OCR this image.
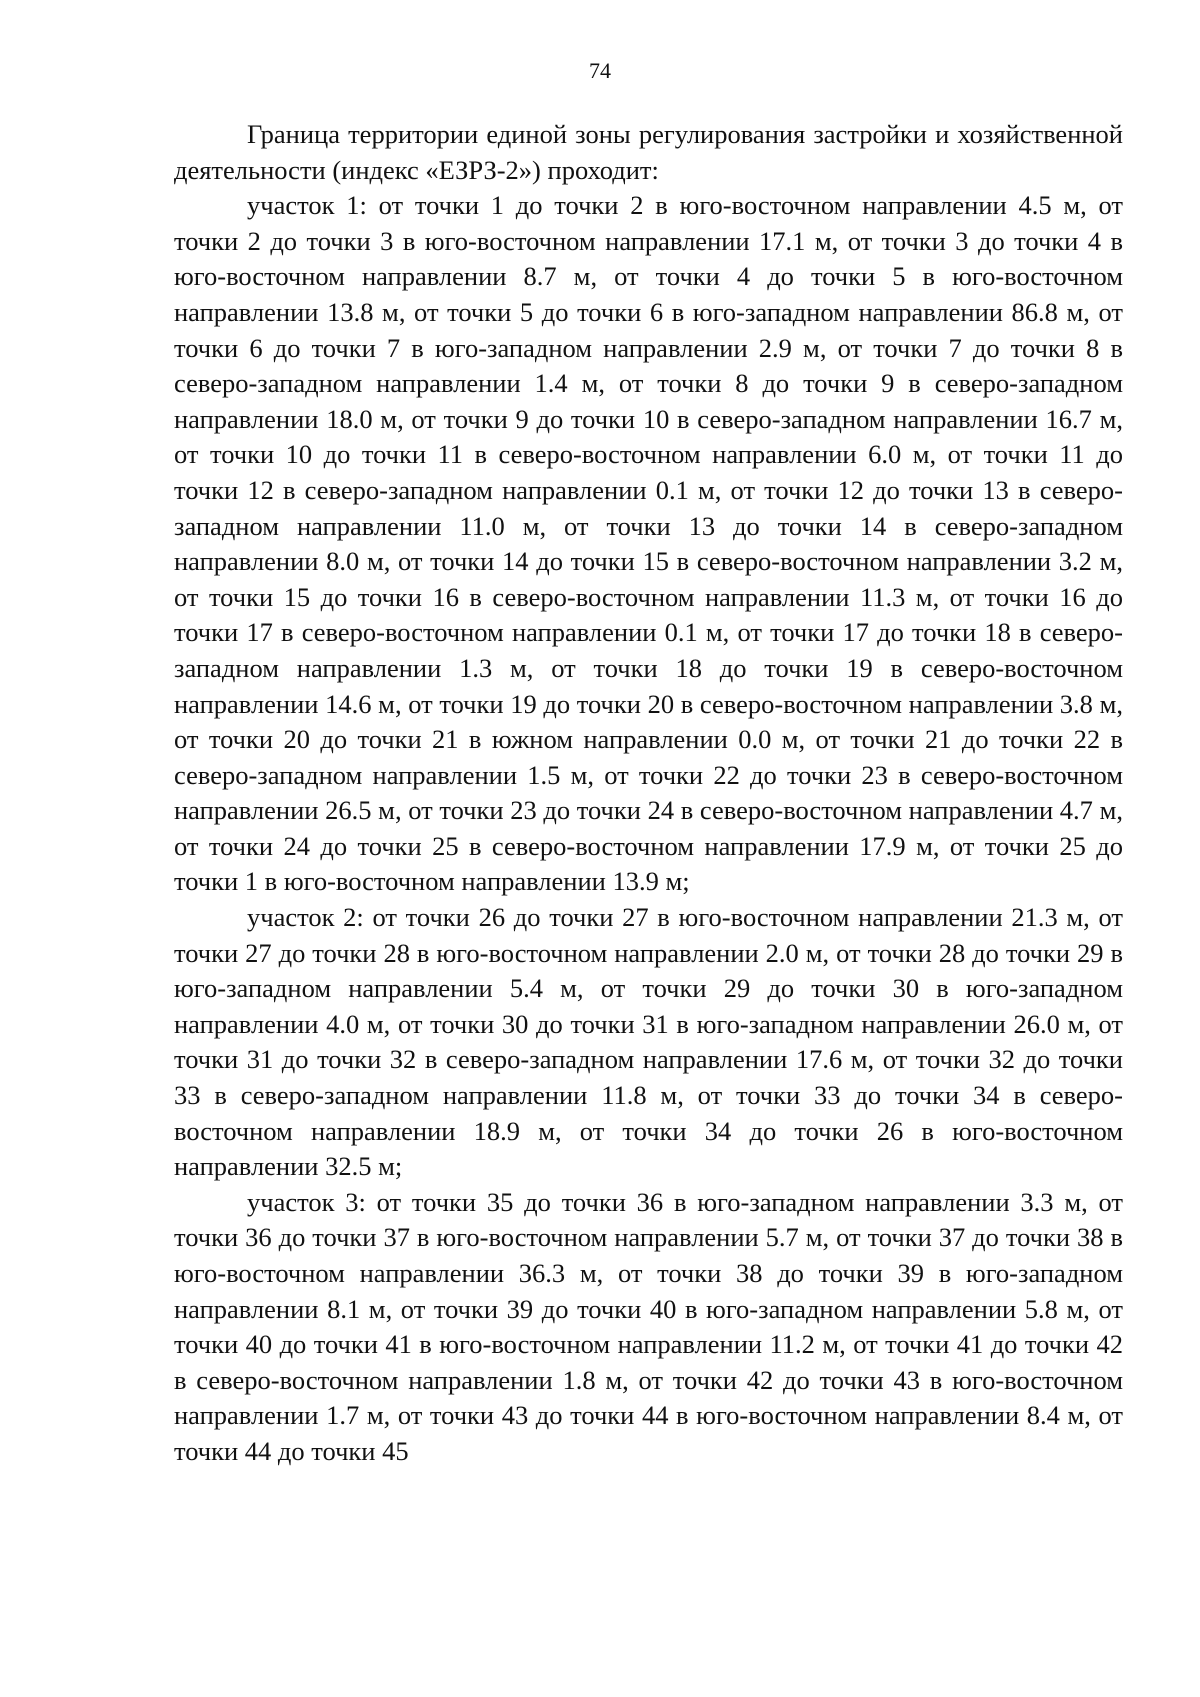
74

Граница территории единой зоны регулирования застройки и хозяйственной деятельности (индекс «ЕЗРЗ-2») проходит:

участок 1: от точки 1 до точки 2 в юго-восточном направлении 4.5 м, от точки 2 до точки 3 в юго-восточном направлении 17.1 м, от точки 3 до точки 4 в юго-восточном направлении 8.7 м, от точки 4 до точки 5 в юго-восточном направлении 13.8 м, от точки 5 до точки 6 в юго-западном направлении 86.8 м, от точки 6 до точки 7 в юго-западном направлении 2.9 м, от точки 7 до точки 8 в северо-западном направлении 1.4 м, от точки 8 до точки 9 в северо-западном направлении 18.0 м, от точки 9 до точки 10 в северо-западном направлении 16.7 м, от точки 10 до точки 11 в северо-восточном направлении 6.0 м, от точки 11 до точки 12 в северо-западном направлении 0.1 м, от точки 12 до точки 13 в северо-западном направлении 11.0 м, от точки 13 до точки 14 в северо-западном направлении 8.0 м, от точки 14 до точки 15 в северо-восточном направлении 3.2 м, от точки 15 до точки 16 в северо-восточном направлении 11.3 м, от точки 16 до точки 17 в северо-восточном направлении 0.1 м, от точки 17 до точки 18 в северо-западном направлении 1.3 м, от точки 18 до точки 19 в северо-восточном направлении 14.6 м, от точки 19 до точки 20 в северо-восточном направлении 3.8 м, от точки 20 до точки 21 в южном направлении 0.0 м, от точки 21 до точки 22 в северо-западном направлении 1.5 м, от точки 22 до точки 23 в северо-восточном направлении 26.5 м, от точки 23 до точки 24 в северо-восточном направлении 4.7 м, от точки 24 до точки 25 в северо-восточном направлении 17.9 м, от точки 25 до точки 1 в юго-восточном направлении 13.9 м;

участок 2: от точки 26 до точки 27 в юго-восточном направлении 21.3 м, от точки 27 до точки 28 в юго-восточном направлении 2.0 м, от точки 28 до точки 29 в юго-западном направлении 5.4 м, от точки 29 до точки 30 в юго-западном направлении 4.0 м, от точки 30 до точки 31 в юго-западном направлении 26.0 м, от точки 31 до точки 32 в северо-западном направлении 17.6 м, от точки 32 до точки 33 в северо-западном направлении 11.8 м, от точки 33 до точки 34 в северо-восточном направлении 18.9 м, от точки 34 до точки 26 в юго-восточном направлении 32.5 м;

участок 3: от точки 35 до точки 36 в юго-западном направлении 3.3 м, от точки 36 до точки 37 в юго-восточном направлении 5.7 м, от точки 37 до точки 38 в юго-восточном направлении 36.3 м, от точки 38 до точки 39 в юго-западном направлении 8.1 м, от точки 39 до точки 40 в юго-западном направлении 5.8 м, от точки 40 до точки 41 в юго-восточном направлении 11.2 м, от точки 41 до точки 42 в северо-восточном направлении 1.8 м, от точки 42 до точки 43 в юго-восточном направлении 1.7 м, от точки 43 до точки 44 в юго-восточном направлении 8.4 м, от точки 44 до точки 45
